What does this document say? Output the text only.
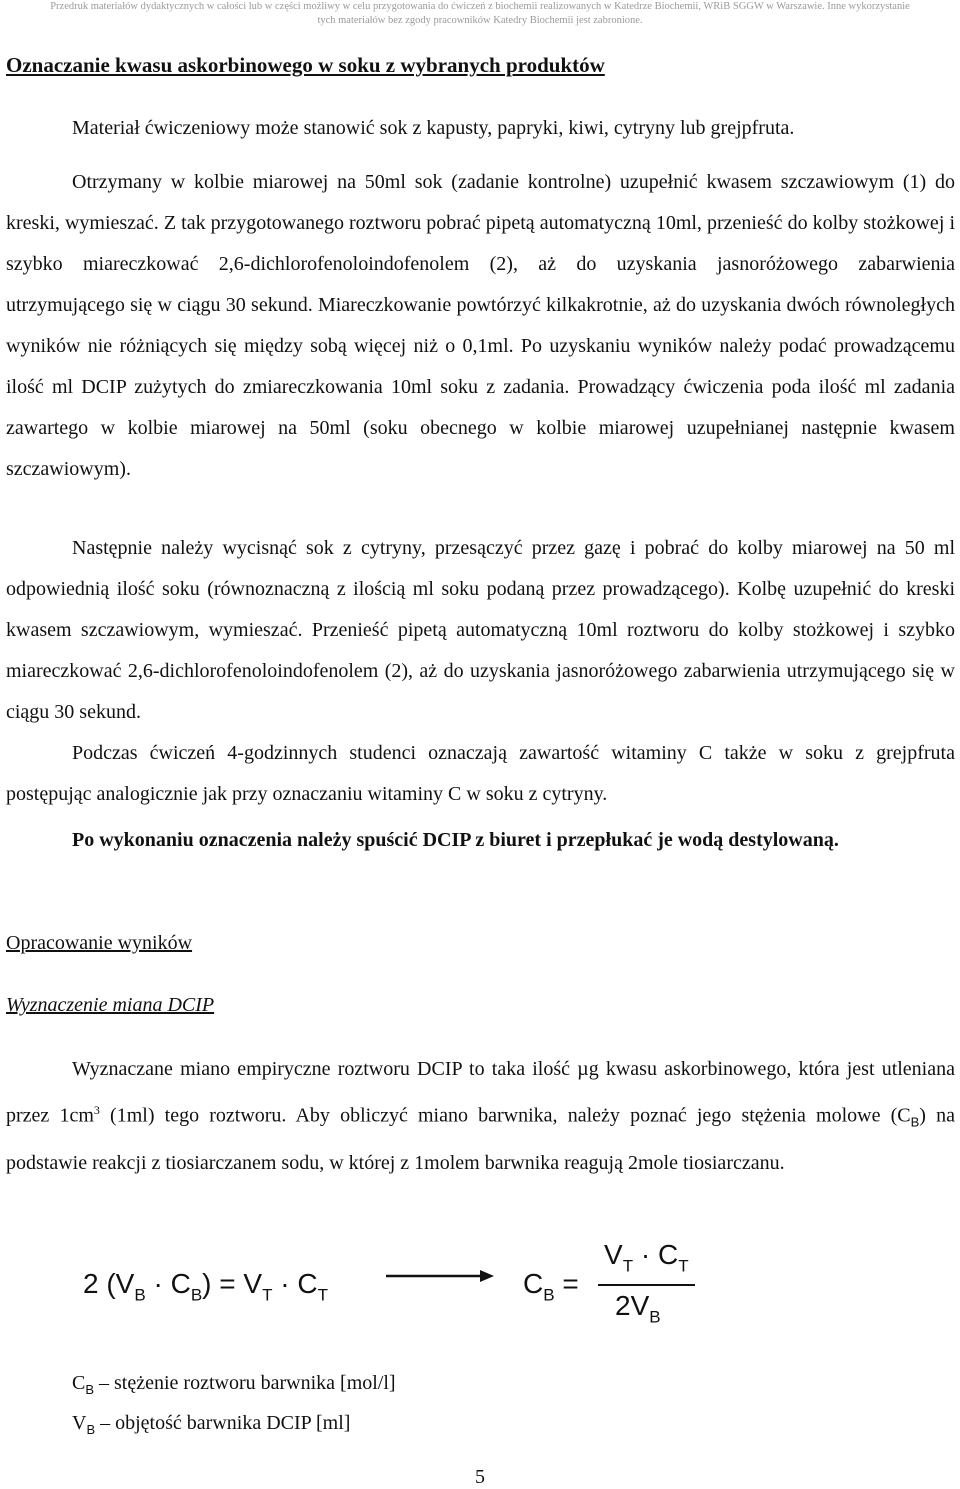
Przedruk materiałów dydaktycznych w całości lub w części możliwy w celu przygotowania do ćwiczeń z biochemii realizowanych w Katedrze Biochemii, WRiB SGGW w Warszawie. Inne wykorzystanie
tych materiałów bez zgody pracowników Katedry Biochemii jest zabronione.
Oznaczanie kwasu askorbinowego w soku z wybranych produktów

Materiał ćwiczeniowy może stanowić sok z kapusty, papryki, kiwi, cytryny lub grejpfruta.

Otrzymany w kolbie miarowej na 50ml sok (zadanie kontrolne) uzupełnić kwasem szczawiowym (1) do kreski, wymieszać. Z tak przygotowanego roztworu pobrać pipetą automatyczną 10ml, przenieść do kolby stożkowej i szybko miareczkować 2,6-dichlorofenoloindofenolem (2), aż do uzyskania jasnoróżowego zabarwienia utrzymującego się w ciągu 30 sekund. Miareczkowanie powtórzyć kilkakrotnie, aż do uzyskania dwóch równoległych wyników nie różniących się między sobą więcej niż o 0,1ml. Po uzyskaniu wyników należy podać prowadzącemu ilość ml DCIP zużytych do zmiareczkowania 10ml soku z zadania. Prowadzący ćwiczenia poda ilość ml zadania zawartego w kolbie miarowej na 50ml (soku obecnego w kolbie miarowej uzupełnianej następnie kwasem szczawiowym).

Następnie należy wycisnąć sok z cytryny, przesączyć przez gazę i pobrać do kolby miarowej na 50 ml odpowiednią ilość soku (równoznaczną z ilością ml soku podaną przez prowadzącego). Kolbę uzupełnić do kreski kwasem szczawiowym, wymieszać. Przenieść pipetą automatyczną 10ml roztworu do kolby stożkowej i szybko miareczkować 2,6-dichlorofenoloindofenolem (2), aż do uzyskania jasnoróżowego zabarwienia utrzymującego się w ciągu 30 sekund.

Podczas ćwiczeń 4-godzinnych studenci oznaczają zawartość witaminy C także w soku z grejpfruta postępując analogicznie jak przy oznaczaniu witaminy C w soku z cytryny.

Po wykonaniu oznaczenia należy spuścić DCIP z biuret i przepłukać je wodą destylowaną.

Opracowanie wyników
Wyznaczenie miana DCIP

Wyznaczane miano empiryczne roztworu DCIP to taka ilość µg kwasu askorbinowego, która jest utleniana przez $1cm^3$ (1ml) tego roztworu. Aby obliczyć miano barwnika, należy poznać jego stężenia molowe $(C_B)$ na podstawie reakcji z tiosiarczanem sodu, w której z 1molem barwnika reagują 2mole tiosiarczanu.

2 $(V_B \cdot C_B) = V_T \cdot C_T$	$C_B$ =
$V_T \cdot C_T$
$2V_B$
$C_B$ – stężenie roztworu barwnika [mol/l]
$V_B$ – objętość barwnika DCIP [ml]
5
